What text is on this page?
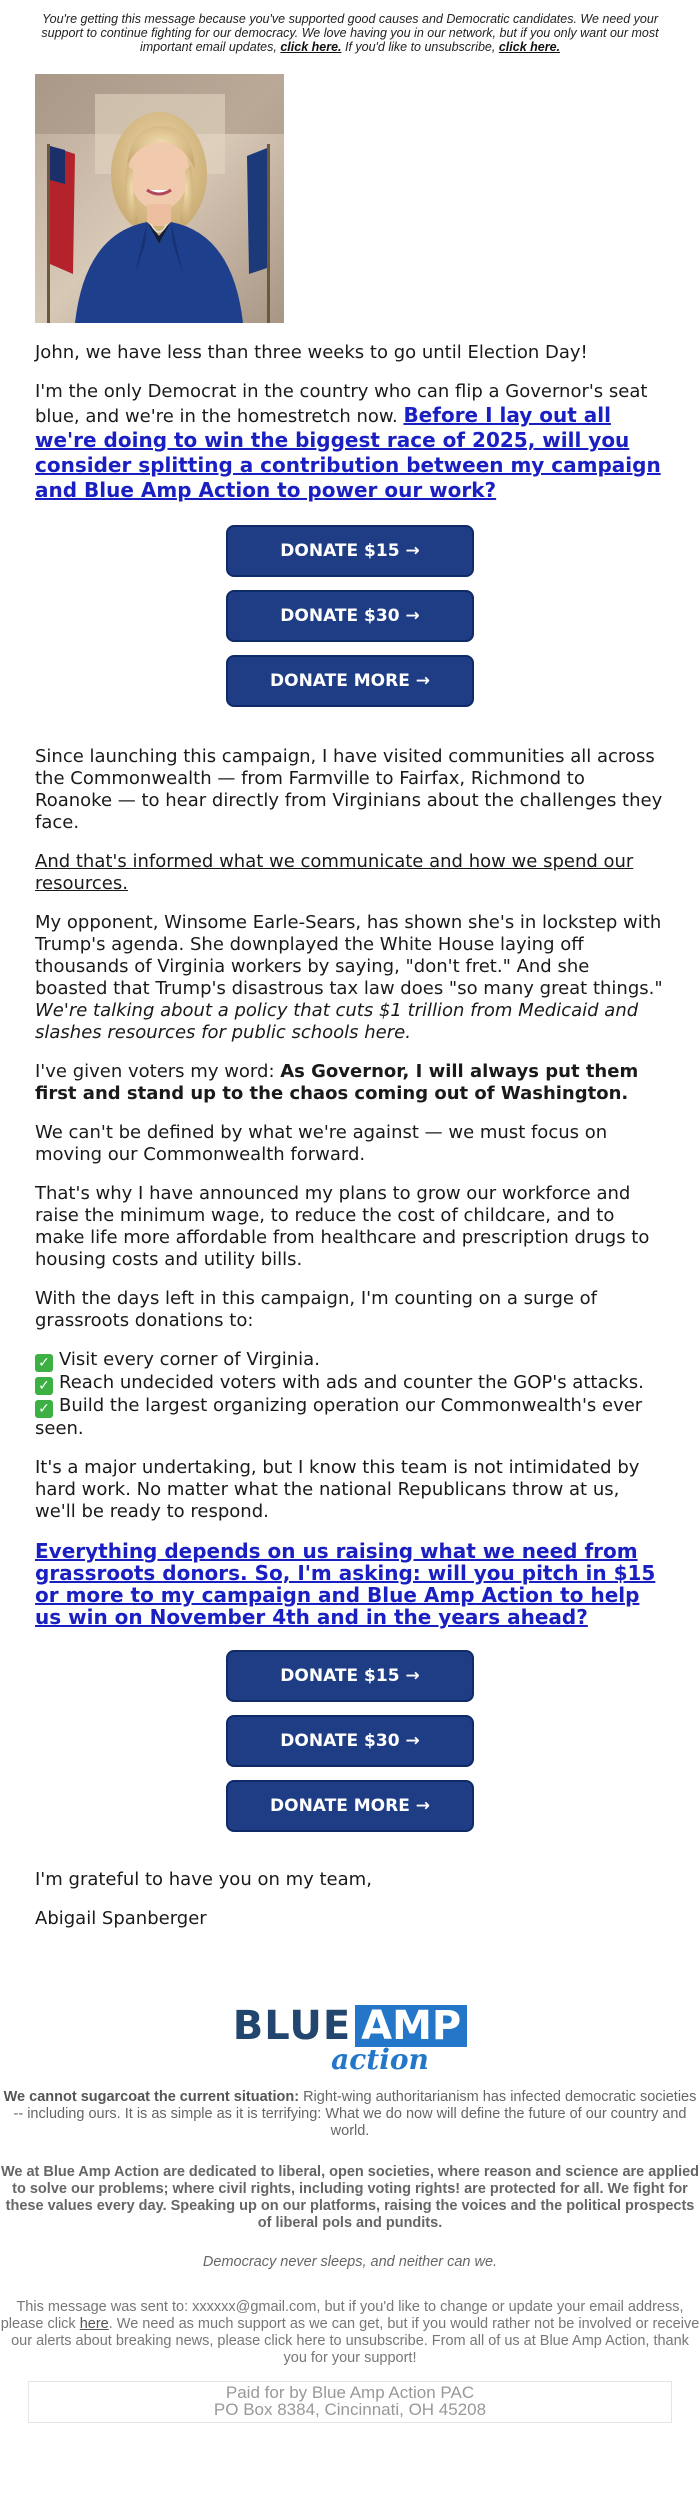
You're getting this message because you've supported good causes and Democratic candidates. We need your support to continue fighting for our democracy. We love having you in our network, but if you only want our most important email updates, click here. If you'd like to unsubscribe, click here.

John, we have less than three weeks to go until Election Day!

I'm the only Democrat in the country who can flip a Governor's seat blue, and we're in the homestretch now. Before I lay out all we're doing to win the biggest race of 2025, will you consider splitting a contribution between my campaign and Blue Amp Action to power our work?

DONATE $15 →
DONATE $30 →
DONATE MORE →

Since launching this campaign, I have visited communities all across the Commonwealth — from Farmville to Fairfax, Richmond to Roanoke — to hear directly from Virginians about the challenges they face.

And that's informed what we communicate and how we spend our resources.

My opponent, Winsome Earle-Sears, has shown she's in lockstep with Trump's agenda. She downplayed the White House laying off thousands of Virginia workers by saying, "don't fret." And she boasted that Trump's disastrous tax law does "so many great things." We're talking about a policy that cuts $1 trillion from Medicaid and slashes resources for public schools here.

I've given voters my word: As Governor, I will always put them first and stand up to the chaos coming out of Washington.

We can't be defined by what we're against — we must focus on moving our Commonwealth forward.

That's why I have announced my plans to grow our workforce and raise the minimum wage, to reduce the cost of childcare, and to make life more affordable from healthcare and prescription drugs to housing costs and utility bills.

With the days left in this campaign, I'm counting on a surge of grassroots donations to:

✓ Visit every corner of Virginia.
✓ Reach undecided voters with ads and counter the GOP's attacks.
✓ Build the largest organizing operation our Commonwealth's ever seen.

It's a major undertaking, but I know this team is not intimidated by hard work. No matter what the national Republicans throw at us, we'll be ready to respond.

Everything depends on us raising what we need from grassroots donors. So, I'm asking: will you pitch in $15 or more to my campaign and Blue Amp Action to help us win on November 4th and in the years ahead?
DONATE $15 →
DONATE $30 →
DONATE MORE →

I'm grateful to have you on my team,

Abigail Spanberger

BLUE AMP
action

We cannot sugarcoat the current situation: Right-wing authoritarianism has infected democratic societies -- including ours. It is as simple as it is terrifying: What we do now will define the future of our country and world.

We at Blue Amp Action are dedicated to liberal, open societies, where reason and science are applied to solve our problems; where civil rights, including voting rights! are protected for all. We fight for these values every day. Speaking up on our platforms, raising the voices and the political prospects of liberal pols and pundits.

Democracy never sleeps, and neither can we.

This message was sent to: xxxxxx@gmail.com, but if you'd like to change or update your email address, please click here. We need as much support as we can get, but if you would rather not be involved or receive our alerts about breaking news, please click here to unsubscribe. From all of us at Blue Amp Action, thank you for your support!

Paid for by Blue Amp Action PAC
PO Box 8384, Cincinnati, OH 45208
